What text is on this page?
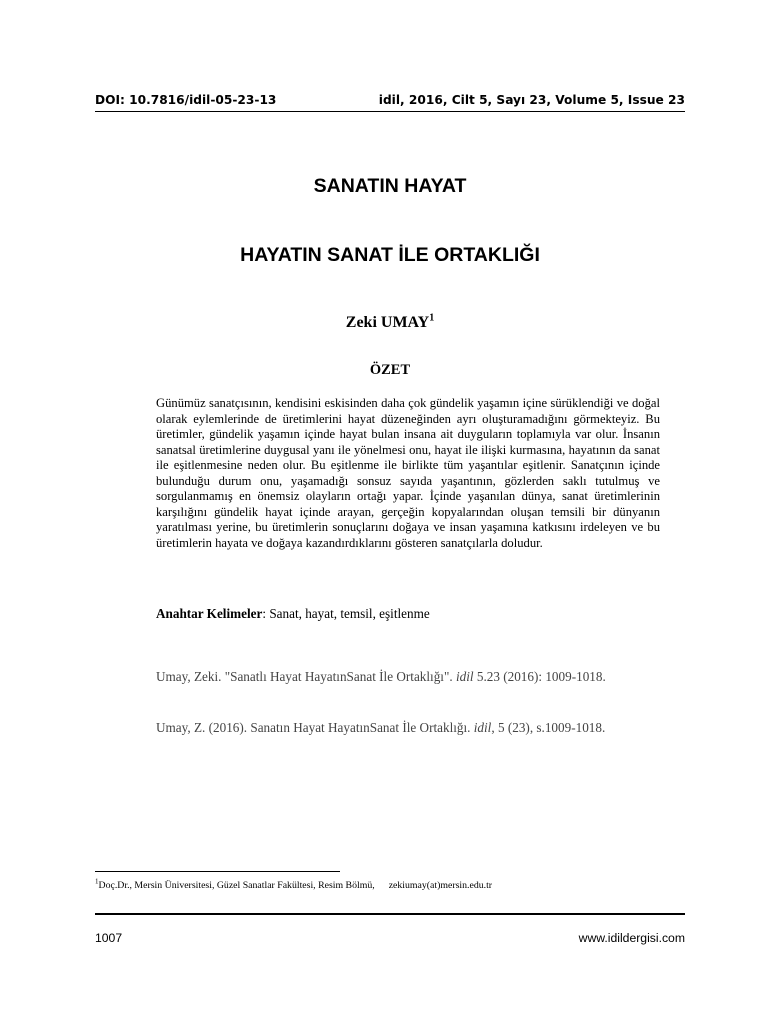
DOI: 10.7816/idil-05-23-13	idil, 2016, Cilt 5, Sayı 23, Volume 5, Issue 23
SANATIN HAYAT
HAYATIN SANAT İLE ORTAKLIĞI
Zeki UMAY$^1$
ÖZET

Günümüz sanatçısının, kendisini eskisinden daha çok gündelik yaşamın içine sürüklendiği ve doğal olarak eylemlerinde de üretimlerini hayat düzeneğinden ayrı oluşturamadığını görmekteyiz. Bu üretimler, gündelik yaşamın içinde hayat bulan insana ait duyguların toplamıyla var olur. İnsanın sanatsal üretimlerine duygusal yanı ile yönelmesi onu, hayat ile ilişki kurmasına, hayatının da sanat ile eşitlenmesine neden olur. Bu eşitlenme ile birlikte tüm yaşantılar eşitlenir. Sanatçının içinde bulunduğu durum onu, yaşamadığı sonsuz sayıda yaşantının, gözlerden saklı tutulmuş ve sorgulanmamış en önemsiz olayların ortağı yapar. İçinde yaşanılan dünya, sanat üretimlerinin karşılığını gündelik hayat içinde arayan, gerçeğin kopyalarından oluşan temsili bir dünyanın yaratılması yerine, bu üretimlerin sonuçlarını doğaya ve insan yaşamına katkısını irdeleyen ve bu üretimlerin hayata ve doğaya kazandırdıklarını gösteren sanatçılarla doludur.

Anahtar Kelimeler: Sanat, hayat, temsil, eşitlenme
Umay, Zeki. "Sanatlı Hayat HayatınSanat İle Ortaklığı". idil 5.23 (2016): 1009-1018.
Umay, Z. (2016). Sanatın Hayat HayatınSanat İle Ortaklığı. idil, 5 (23), s.1009-1018.
$^1$Doç.Dr., Mersin Üniversitesi, Güzel Sanatlar Fakültesi, Resim Bölmü, zekiumay(at)mersin.edu.tr
1007	www.idildergisi.com
